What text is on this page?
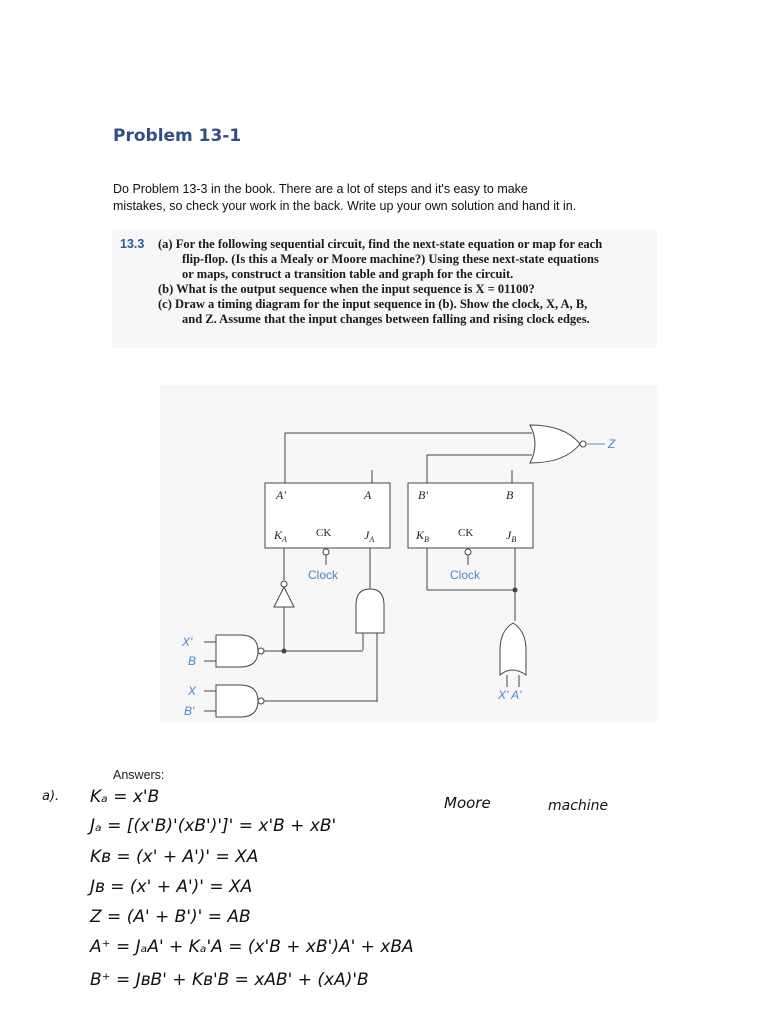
Problem 13-1
Do Problem 13-3 in the book. There are a lot of steps and it's easy to make
mistakes, so check your work in the back. Write up your own solution and hand it in.
13.3 (a) For the following sequential circuit, find the next-state equation or map for each
flip-flop. (Is this a Mealy or Moore machine?) Using these next-state equations
or maps, construct a transition table and graph for the circuit.
(b) What is the output sequence when the input sequence is X = 01100?
(c) Draw a timing diagram for the input sequence in (b). Show the clock, X, A, B,
and Z. Assume that the input changes between falling and rising clock edges.
A'	A	B'	B
$K_A$
CK	$J_A$	$K_B$
CK	$J_B$
Clock	Clock
Z
X'
B
X
B'
X' A'
Answers:
a). Kₐ = x'B
Jₐ = [(x'B)'(xB')']' = x'B + xB'
Kʙ = (x' + A')' = XA
Jʙ = (x' + A')' = XA
Z = (A' + B')' = AB
A⁺ = JₐA' + Kₐ'A = (x'B + xB')A' + xBA
B⁺ = JʙB' + Kʙ'B = xAB' + (xA)'B
Moore	machine
